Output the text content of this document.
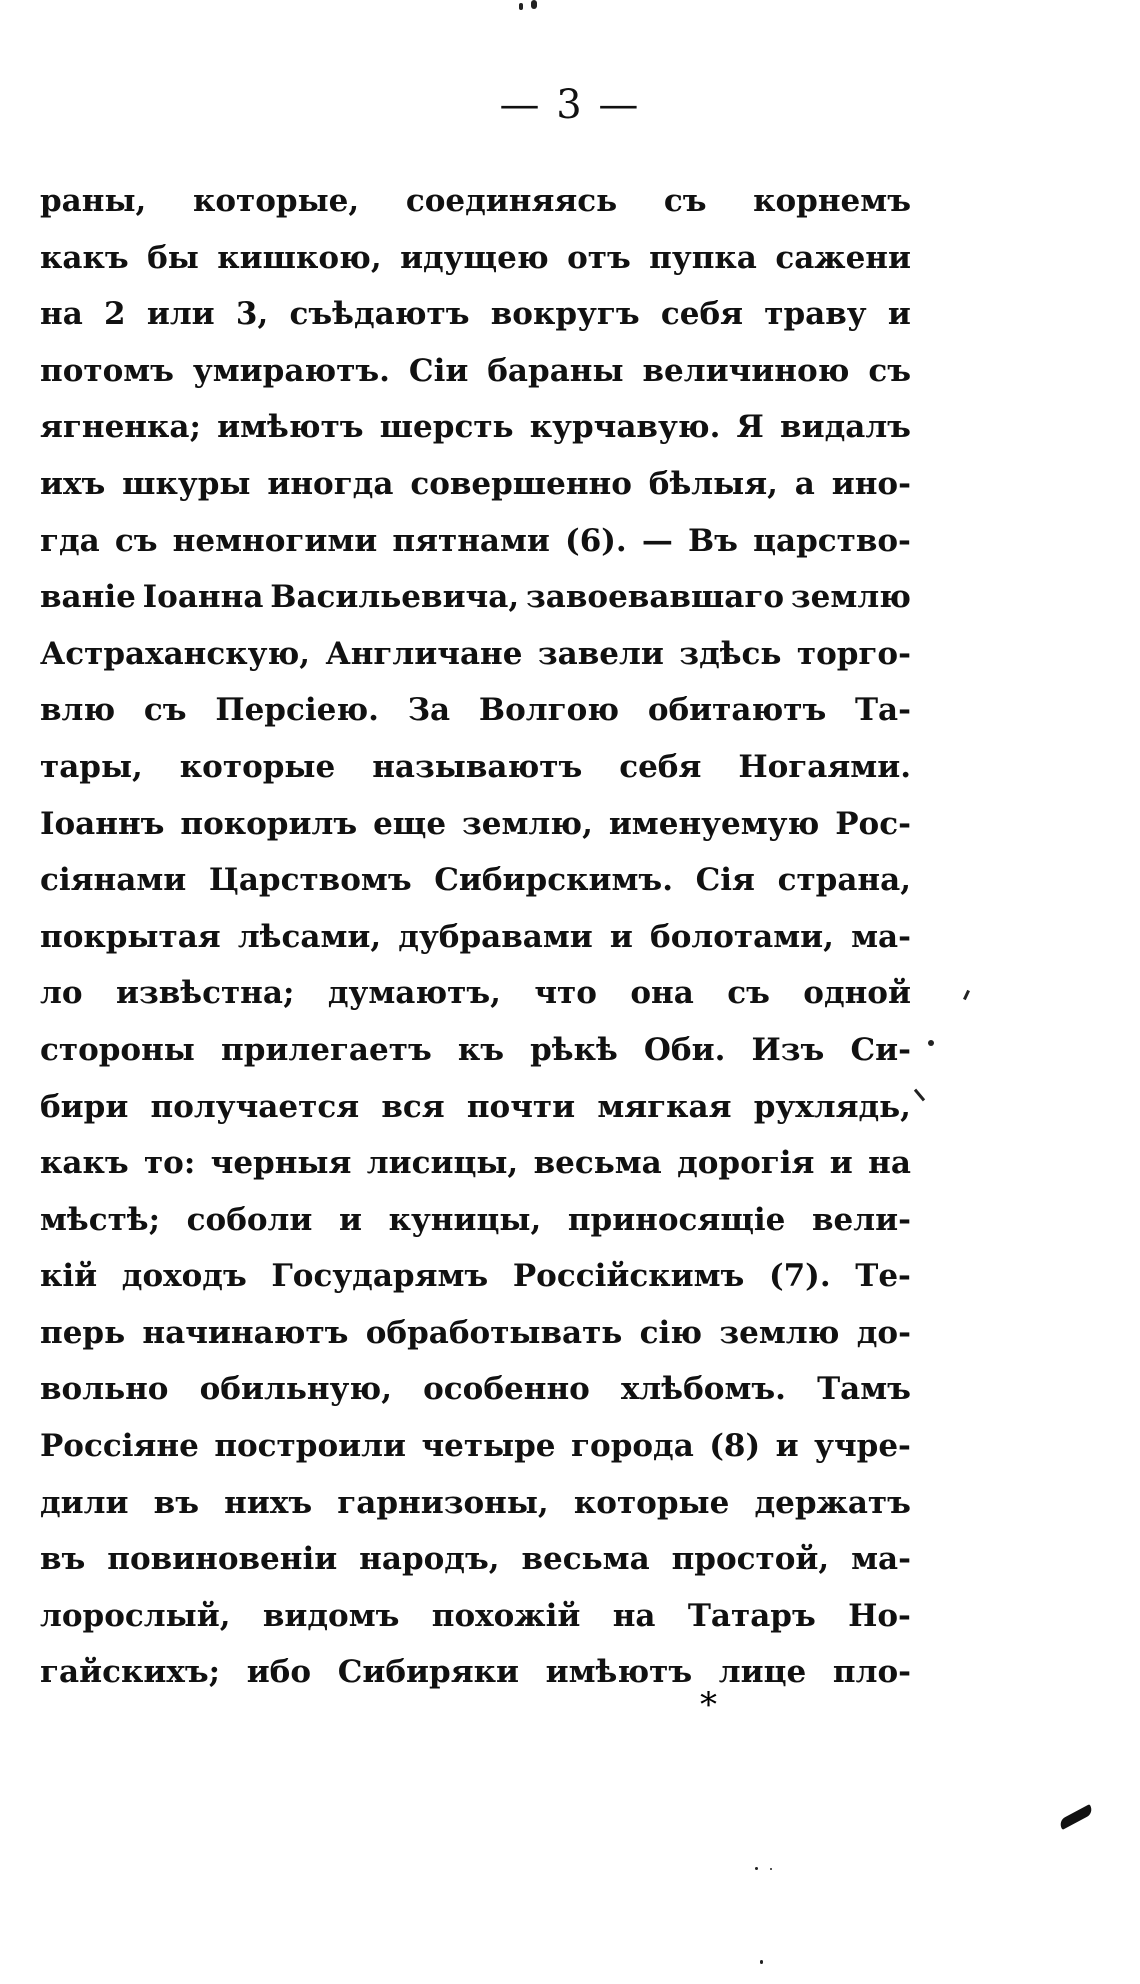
— 3 —
раны, которые, соединяясь съ корнемъ
какъ бы кишкою, идущею отъ пупка сажени
на 2 или 3, съѣдаютъ вокругъ себя траву и
потомъ умираютъ. Сіи бараны величиною съ
ягненка; имѣютъ шерсть курчавую. Я видалъ
ихъ шкуры иногда совершенно бѣлыя, а ино-
гда съ немногими пятнами (6). — Въ царство-
ваніе Іоанна Васильевича, завоевавшаго землю
Астраханскую, Англичане завели здѣсь торго-
влю съ Персіею. За Волгою обитаютъ Та-
тары, которые называютъ себя Ногаями.
Іоаннъ покорилъ еще землю, именуемую Рос-
сіянами Царствомъ Сибирскимъ. Сія страна,
покрытая лѣсами, дубравами и болотами, ма-
ло извѣстна; думаютъ, что она съ одной
стороны прилегаетъ къ рѣкѣ Оби. Изъ Си-
бири получается вся почти мягкая рухлядь,
какъ то: черныя лисицы, весьма дорогія и на
мѣстѣ; соболи и куницы, приносящіе вели-
кій доходъ Государямъ Россійскимъ (7). Те-
перь начинаютъ обработывать сію землю до-
вольно обильную, особенно хлѣбомъ. Тамъ
Россіяне построили четыре города (8) и учре-
дили въ нихъ гарнизоны, которые держатъ
въ повиновеніи народъ, весьма простой, ма-
лорослый, видомъ похожій на Татаръ Но-
гайскихъ; ибо Сибиряки имѣютъ лице пло-
*
